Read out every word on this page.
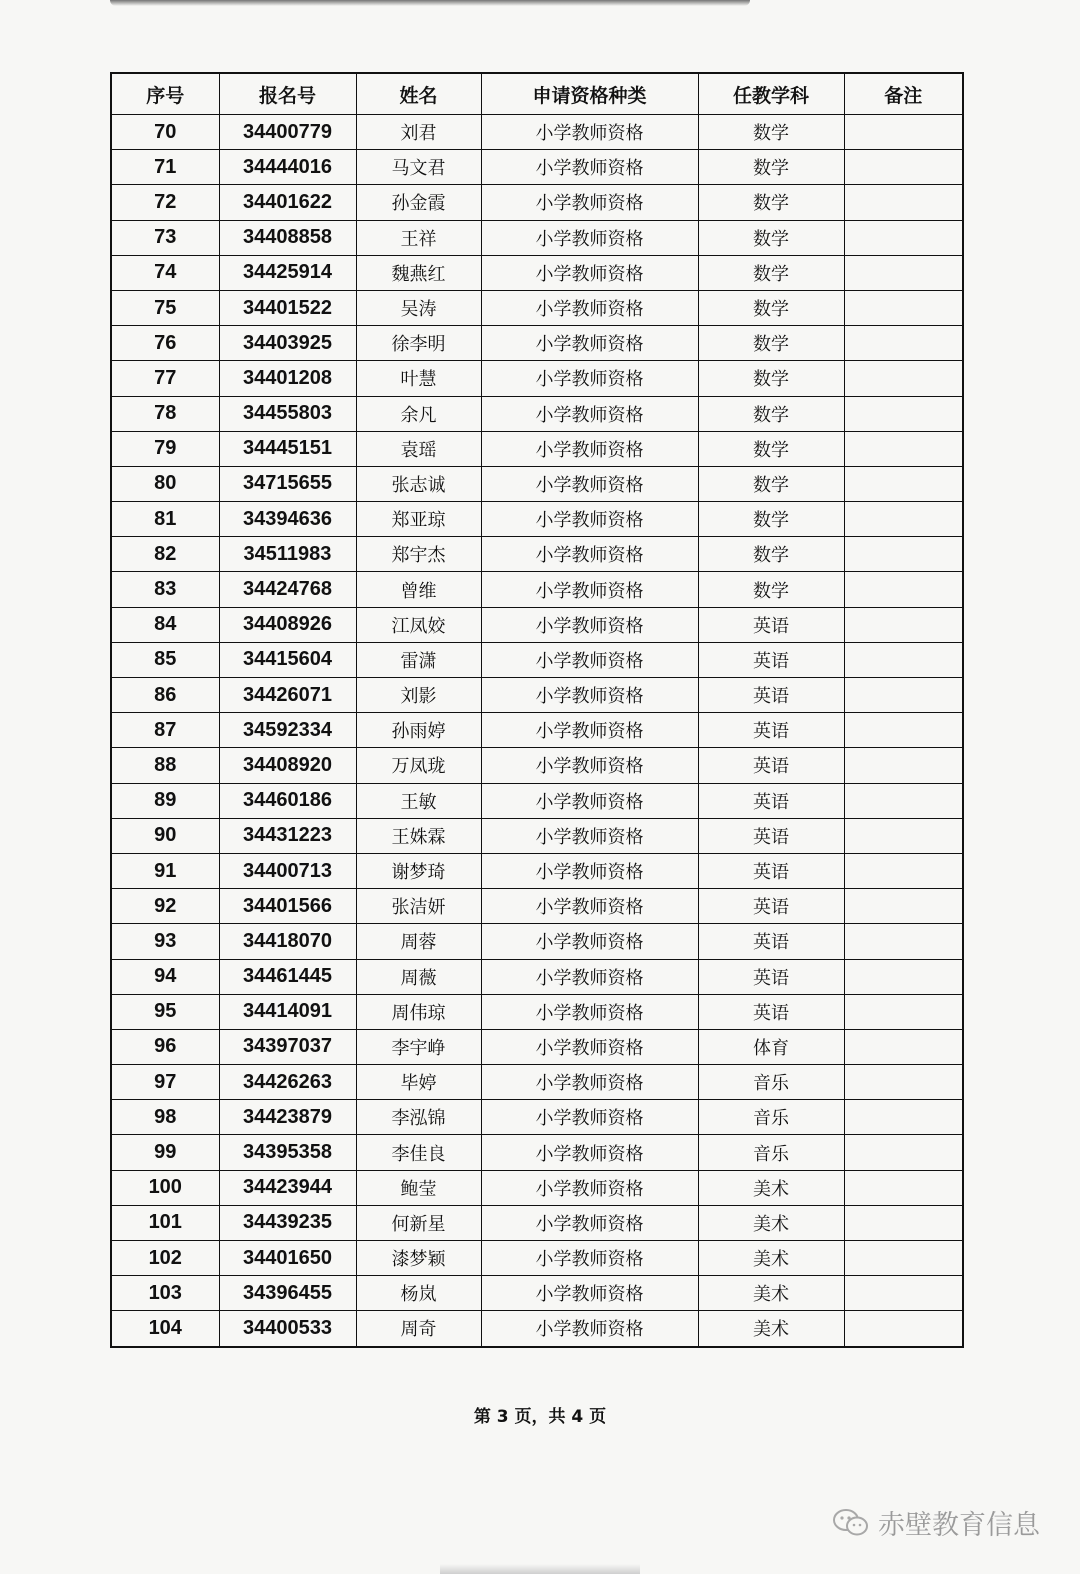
序号	报名号	姓名	申请资格种类	任教学科	备注
70	34400779	刘君	小学教师资格	数学	
71	34444016	马文君	小学教师资格	数学	
72	34401622	孙金霞	小学教师资格	数学	
73	34408858	王祥	小学教师资格	数学	
74	34425914	魏燕红	小学教师资格	数学	
75	34401522	吴涛	小学教师资格	数学	
76	34403925	徐李明	小学教师资格	数学	
77	34401208	叶慧	小学教师资格	数学	
78	34455803	余凡	小学教师资格	数学	
79	34445151	袁瑶	小学教师资格	数学	
80	34715655	张志诚	小学教师资格	数学	
81	34394636	郑亚琼	小学教师资格	数学	
82	34511983	郑宇杰	小学教师资格	数学	
83	34424768	曾维	小学教师资格	数学	
84	34408926	江凤姣	小学教师资格	英语	
85	34415604	雷潇	小学教师资格	英语	
86	34426071	刘影	小学教师资格	英语	
87	34592334	孙雨婷	小学教师资格	英语	
88	34408920	万凤珑	小学教师资格	英语	
89	34460186	王敏	小学教师资格	英语	
90	34431223	王姝霖	小学教师资格	英语	
91	34400713	谢梦琦	小学教师资格	英语	
92	34401566	张洁妍	小学教师资格	英语	
93	34418070	周蓉	小学教师资格	英语	
94	34461445	周薇	小学教师资格	英语	
95	34414091	周伟琼	小学教师资格	英语	
96	34397037	李宇峥	小学教师资格	体育	
97	34426263	毕婷	小学教师资格	音乐	
98	34423879	李泓锦	小学教师资格	音乐	
99	34395358	李佳良	小学教师资格	音乐	
100	34423944	鲍莹	小学教师资格	美术	
101	34439235	何新星	小学教师资格	美术	
102	34401650	漆梦颖	小学教师资格	美术	
103	34396455	杨岚	小学教师资格	美术	
104	34400533	周奇	小学教师资格	美术	
第 3 页，共 4 页
赤壁教育信息
